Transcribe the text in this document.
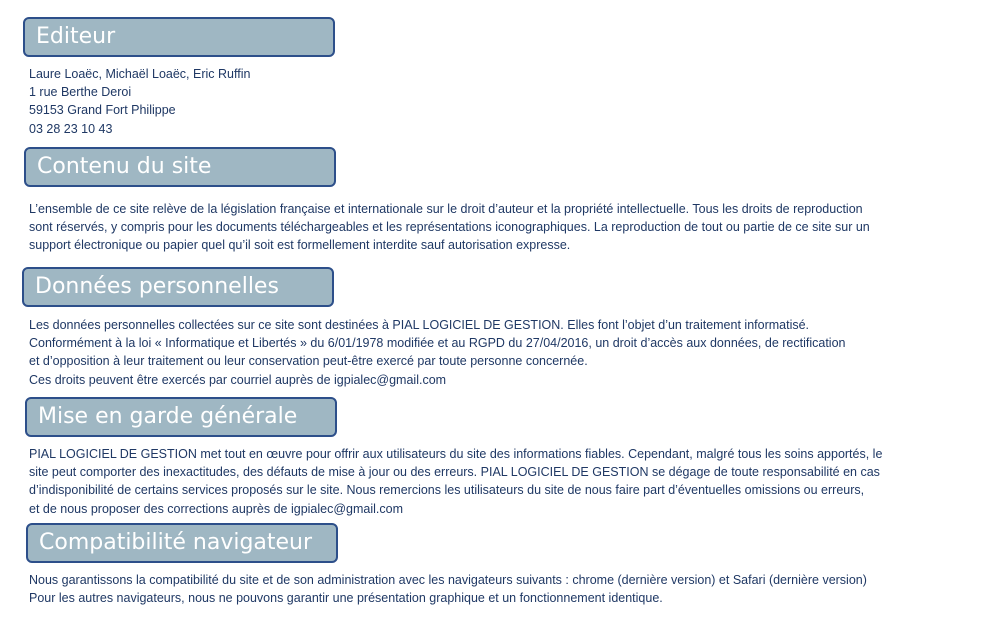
Editeur
Laure Loaëc, Michaël Loaëc, Eric Ruffin
1 rue Berthe Deroi
59153 Grand Fort Philippe
03 28 23 10 43
Contenu du site
L’ensemble de ce site relève de la législation française et internationale sur le droit d’auteur et la propriété intellectuelle. Tous les droits de reproduction
sont réservés, y compris pour les documents téléchargeables et les représentations iconographiques. La reproduction de tout ou partie de ce site sur un
support électronique ou papier quel qu’il soit est formellement interdite sauf autorisation expresse.
Données personnelles
Les données personnelles collectées sur ce site sont destinées à PIAL LOGICIEL DE GESTION. Elles font l’objet d’un traitement informatisé.
Conformément à la loi « Informatique et Libertés » du 6/01/1978 modifiée et au RGPD du 27/04/2016, un droit d’accès aux données, de rectification
et d’opposition à leur traitement ou leur conservation peut-être exercé par toute personne concernée.
Ces droits peuvent être exercés par courriel auprès de igpialec@gmail.com
Mise en garde générale
PIAL LOGICIEL DE GESTION met tout en œuvre pour offrir aux utilisateurs du site des informations fiables. Cependant, malgré tous les soins apportés, le
site peut comporter des inexactitudes, des défauts de mise à jour ou des erreurs. PIAL LOGICIEL DE GESTION se dégage de toute responsabilité en cas
d’indisponibilité de certains services proposés sur le site. Nous remercions les utilisateurs du site de nous faire part d’éventuelles omissions ou erreurs,
et de nous proposer des corrections auprès de igpialec@gmail.com
Compatibilité navigateur
Nous garantissons la compatibilité du site et de son administration avec les navigateurs suivants : chrome (dernière version) et Safari (dernière version)
Pour les autres navigateurs, nous ne pouvons garantir une présentation graphique et un fonctionnement identique.
